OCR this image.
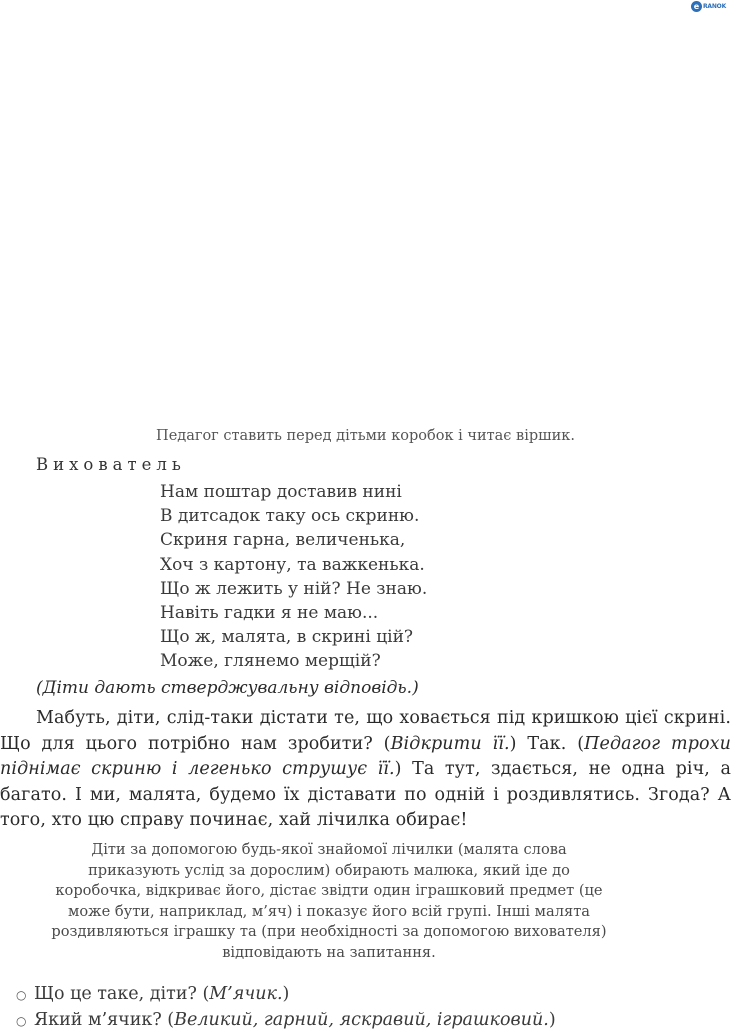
e RANOK
Педагог ставить перед дітьми коробок і читає віршик.
Вихователь
Нам поштар доставив нині
В дитсадок таку ось скриню.
Скриня гарна, величенька,
Хоч з картону, та важкенька.
Що ж лежить у ній? Не знаю.
Навіть гадки я не маю...
Що ж, малята, в скрині цій?
Може, глянемо мерщій?
(Діти дають стверджувальну відповідь.)

Мабуть, діти, слід-таки дістати те, що ховається під кришкою цієї скрині. Що для цього потрібно нам зробити? (Відкрити її.) Так. (Педагог трохи піднімає скриню і легенько струшує її.) Та тут, здається, не одна річ, а багато. І ми, малята, будемо їх діставати по одній і роздивлятись. Згода? А того, хто цю справу починає, хай лічилка обирає!

Діти за допомогою будь-якої знайомої лічилки (малята слова приказують услід за дорослим) обирають малюка, який іде до коробочка, відкриває його, дістає звідти один іграшковий предмет (це може бути, наприклад, м’яч) і показує його всій групі. Інші малята роздивляються іграшку та (при необхідності за допомогою вихователя) відповідають на запитання.
○ Що це таке, діти? (М’ячик.)
○ Який м’ячик? (Великий, гарний, яскравий, іграшковий.)
